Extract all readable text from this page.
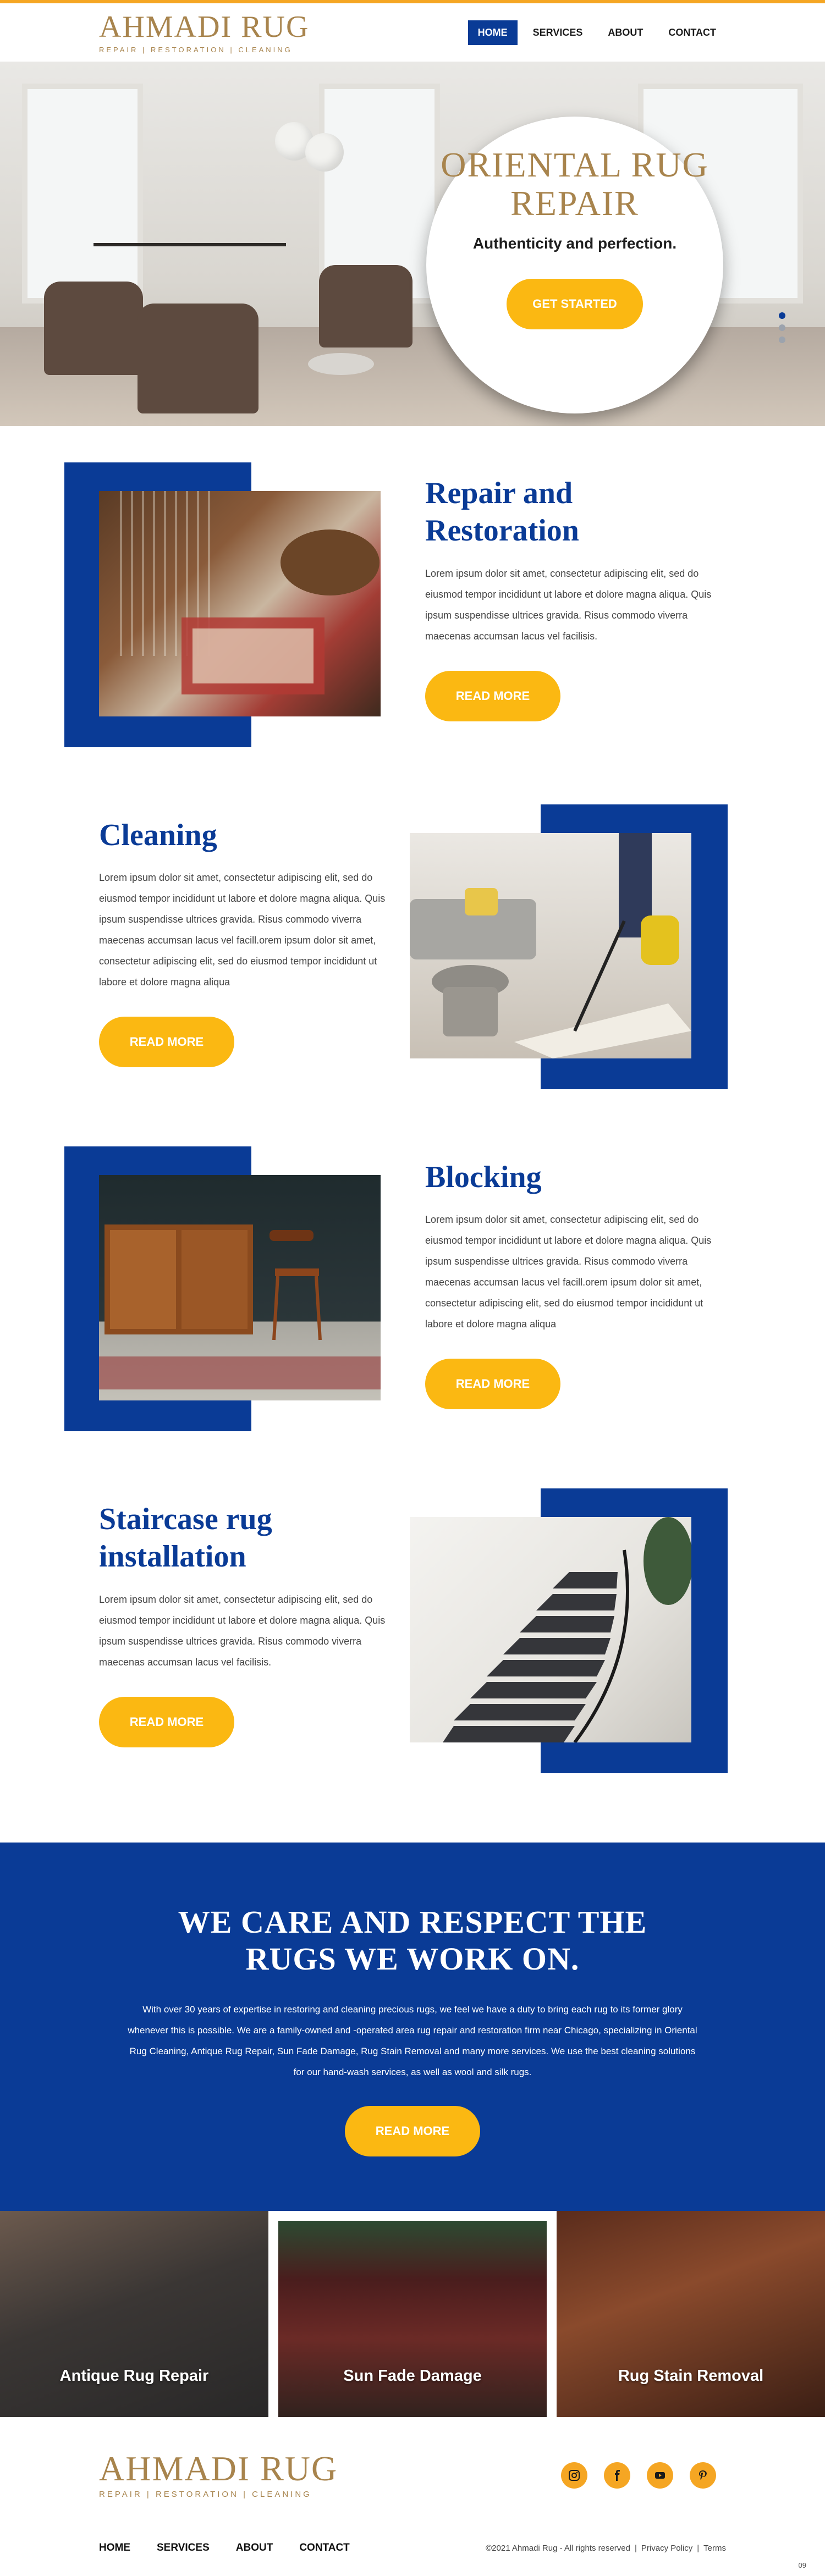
AHMADI RUG
REPAIR | RESTORATION | CLEANING
HOME	SERVICES	ABOUT	CONTACT
ORIENTAL RUG REPAIR

Authenticity and perfection.

GET STARTED
Repair and Restoration

Lorem ipsum dolor sit amet, consectetur adipiscing elit, sed do eiusmod tempor incididunt ut labore et dolore magna aliqua. Quis ipsum suspendisse ultrices gravida. Risus commodo viverra maecenas accumsan lacus vel facilisis.

READ MORE
Cleaning

Lorem ipsum dolor sit amet, consectetur adipiscing elit, sed do eiusmod tempor incididunt ut labore et dolore magna aliqua. Quis ipsum suspendisse ultrices gravida. Risus commodo viverra maecenas accumsan lacus vel facill.orem ipsum dolor sit amet, consectetur adipiscing elit, sed do eiusmod tempor incididunt ut labore et dolore magna aliqua

READ MORE
Blocking

Lorem ipsum dolor sit amet, consectetur adipiscing elit, sed do eiusmod tempor incididunt ut labore et dolore magna aliqua. Quis ipsum suspendisse ultrices gravida. Risus commodo viverra maecenas accumsan lacus vel facill.orem ipsum dolor sit amet, consectetur adipiscing elit, sed do eiusmod tempor incididunt ut labore et dolore magna aliqua

READ MORE
Staircase rug installation

Lorem ipsum dolor sit amet, consectetur adipiscing elit, sed do eiusmod tempor incididunt ut labore et dolore magna aliqua. Quis ipsum suspendisse ultrices gravida. Risus commodo viverra maecenas accumsan lacus vel facilisis.

READ MORE
WE CARE AND RESPECT THE RUGS WE WORK ON.

With over 30 years of expertise in restoring and cleaning precious rugs, we feel we have a duty to bring each rug to its former glory whenever this is possible. We are a family-owned and -operated area rug repair and restoration firm near Chicago, specializing in Oriental Rug Cleaning, Antique Rug Repair, Sun Fade Damage, Rug Stain Removal and many more services. We use the best cleaning solutions for our hand-wash services, as well as wool and silk rugs.

READ MORE
Antique Rug Repair	Sun Fade Damage	Rug Stain Removal
AHMADI RUG
REPAIR | RESTORATION | CLEANING
HOME	SERVICES	ABOUT	CONTACT	©2021 Ahmadi Rug - All rights reserved | Privacy Policy | Terms
09
